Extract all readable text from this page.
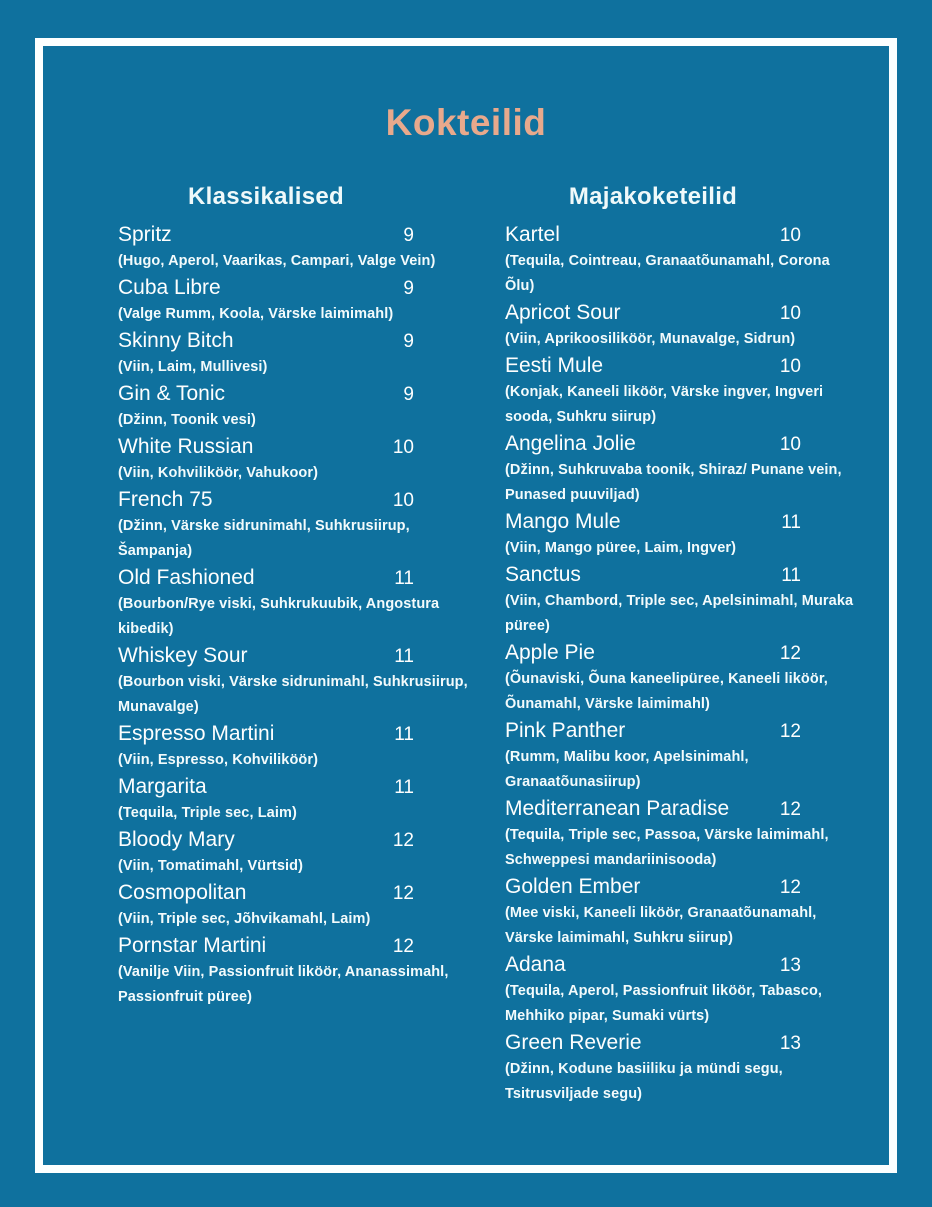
Kokteilid
Klassikalised
Spritz	9
(Hugo, Aperol, Vaarikas, Campari, Valge Vein)
Cuba Libre	9
(Valge Rumm, Koola, Värske laimimahl)
Skinny Bitch	9
(Viin, Laim, Mullivesi)
Gin & Tonic	9
(Džinn, Toonik vesi)
White Russian	10
(Viin, Kohviliköör, Vahukoor)
French 75	10
(Džinn, Värske sidrunimahl, Suhkrusiirup, Šampanja)
Old Fashioned	11
(Bourbon/Rye viski, Suhkrukuubik, Angostura kibedik)
Whiskey Sour	11
(Bourbon viski, Värske sidrunimahl, Suhkrusiirup, Munavalge)
Espresso Martini	11
(Viin, Espresso, Kohviliköör)
Margarita	11
(Tequila, Triple sec, Laim)
Bloody Mary	12
(Viin, Tomatimahl, Vürtsid)
Cosmopolitan	12
(Viin, Triple sec, Jõhvikamahl, Laim)
Pornstar Martini	12
(Vanilje Viin, Passionfruit liköör, Ananassimahl, Passionfruit püree)
Majakoketeilid
Kartel	10
(Tequila, Cointreau, Granaatõunamahl, Corona Õlu)
Apricot Sour	10
(Viin, Aprikoosiliköör, Munavalge, Sidrun)
Eesti Mule	10
(Konjak, Kaneeli liköör, Värske ingver, Ingveri sooda, Suhkru siirup)
Angelina Jolie	10
(Džinn, Suhkruvaba toonik, Shiraz/ Punane vein, Punased puuviljad)
Mango Mule	11
(Viin, Mango püree, Laim, Ingver)
Sanctus	11
(Viin, Chambord, Triple sec, Apelsinimahl, Muraka püree)
Apple Pie	12
(Õunaviski, Õuna kaneelipüree, Kaneeli liköör, Õunamahl, Värske laimimahl)
Pink Panther	12
(Rumm, Malibu koor, Apelsinimahl, Granaatõunasiirup)
Mediterranean Paradise	12
(Tequila, Triple sec, Passoa, Värske laimimahl, Schweppesi mandariinisooda)
Golden Ember	12
(Mee viski, Kaneeli liköör, Granaatõunamahl, Värske laimimahl, Suhkru siirup)
Adana	13
(Tequila, Aperol, Passionfruit liköör, Tabasco, Mehhiko pipar, Sumaki vürts)
Green Reverie	13
(Džinn, Kodune basiiliku ja mündi segu, Tsitrusviljade segu)
